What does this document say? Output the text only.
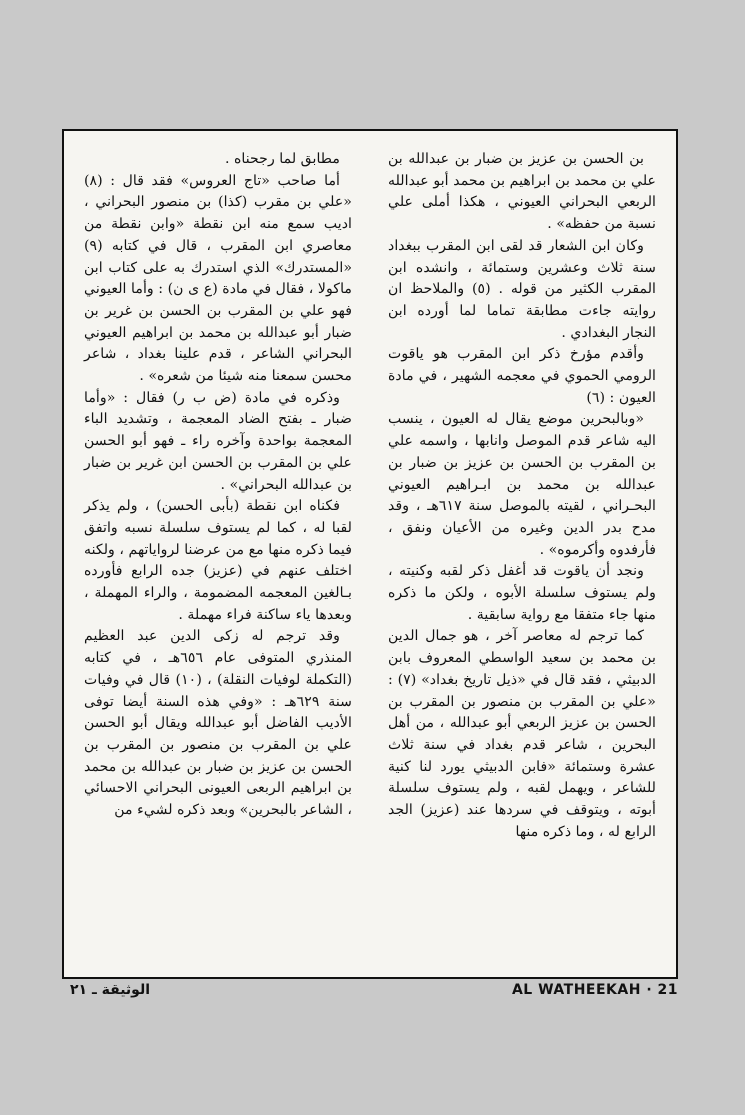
بن الحسن بن عزيز بن ضبار بن عبدالله بن علي بن محمد بن ابراهيم بن محمد أبو عبدالله الربعي البحراني العيوني ، هكذا أملى علي نسبة من حفظه» .

وكان ابن الشعار قد لقى ابن المقرب ببغداد سنة ثلاث وعشرين وستمائة ، وانشده ابن المقرب الكثير من قوله . (٥) والملاحظ ان روايته جاءت مطابقة تماما لما أورده ابن النجار البغدادي .

وأقدم مؤرخ ذكر ابن المقرب هو ياقوت الرومي الحموي في معجمه الشهير ، في مادة العيون : (٦)

«وبالبحرين موضع يقال له العيون ، ينسب اليه شاعر قدم الموصل وانابها ، واسمه علي بن المقرب بن الحسن بن عزيز بن ضبار بن عبدالله بن محمد بن ابـراهيم العيوني البحـراني ، لقيته بالموصل سنة ٦١٧هـ ، وقد مدح بدر الدين وغيره من الأعيان ونفق ، فأرفدوه وأكرموه» .

ونجد أن ياقوت قد أغفل ذكر لقبه وكنيته ، ولم يستوف سلسلة الأبوه ، ولكن ما ذكره منها جاء متفقا مع رواية سابقية .

كما ترجم له معاصر آخر ، هو جمال الدين بن محمد بن سعيد الواسطي المعروف بابن الدبيثي ، فقد قال في «ذيل تاريخ بغداد» (٧) : «علي بن المقرب بن منصور بن المقرب بن الحسن بن عزيز الربعي أبو عبدالله ، من أهل البحرين ، شاعر قدم بغداد في سنة ثلاث عشرة وستمائة «فابن الدبيثي يورد لنا كنية للشاعر ، ويهمل لقبه ، ولم يستوف سلسلة أبوته ، ويتوقف في سردها عند (عزيز) الجد الرابع له ، وما ذكره منها

مطابق لما رجحناه .

أما صاحب «تاج العروس» فقد قال : (٨) «علي بن مقرب (كذا) بن منصور البحراني ، اديب سمع منه ابن نقطة «وابن نقطة من معاصري ابن المقرب ، قال في كتابه (٩) «المستدرك» الذي استدرك به على كتاب ابن ماكولا ، فقال في مادة (ع ى ن) : وأما العيوني فهو علي بن المقرب بن الحسن بن غرير بن ضبار أبو عبدالله بن محمد بن ابراهيم العيوني البحراني الشاعر ، قدم علينا بغداد ، شاعر محسن سمعنا منه شيئا من شعره» .

وذكره في مادة (ض ب ر) فقال : «وأما ضبار ـ بفتح الضاد المعجمة ، وتشديد الباء المعجمة بواحدة وآخره راء ـ فهو أبو الحسن علي بن المقرب بن الحسن ابن غرير بن ضبار بن عبدالله البحراني» .

فكناه ابن نقطة (بأبى الحسن) ، ولم يذكر لقبا له ، كما لم يستوف سلسلة نسبه واتفق فيما ذكره منها مع من عرضنا لرواياتهم ، ولكنه اختلف عنهم في (عزيز) جده الرابع فأورده بـالغين المعجمه المضمومة ، والراء المهملة ، وبعدها ياء ساكنة فراء مهملة .

وقد ترجم له زكى الدين عبد العظيم المنذري المتوفى عام ٦٥٦هـ ، في كتابه (التكملة لوفيات النقلة) ، (١٠) قال في وفيات سنة ٦٢٩هـ : «وفي هذه السنة أيضا توفى الأديب الفاضل أبو عبدالله ويقال أبو الحسن علي بن المقرب بن منصور بن المقرب بن الحسن بن عزيز بن ضبار بن عبدالله بن محمد بن ابراهيم الربعى العيونى البحراني الاحسائي ، الشاعر بالبحرين» وبعد ذكره لشيء من

الوثيقة ـ ٢١	AL WATHEEKAH · 21
